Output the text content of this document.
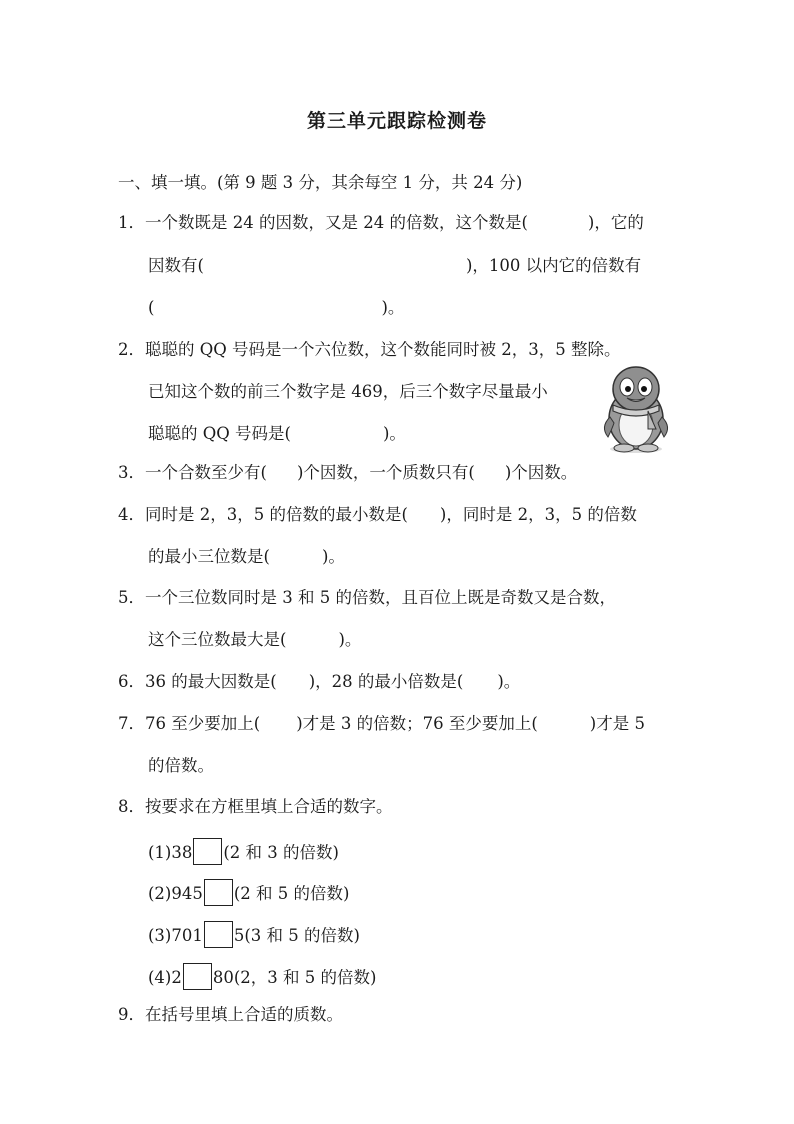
第三单元跟踪检测卷
一、填一填。(第 9 题 3 分，其余每空 1 分，共 24 分)
1．一个数既是 24 的因数，又是 24 的倍数，这个数是(	)，它的
因数有(	)，100 以内它的倍数有
(	)。
2．聪聪的 QQ 号码是一个六位数，这个数能同时被 2，3，5 整除。
已知这个数的前三个数字是 469，后三个数字尽量最小
聪聪的 QQ 号码是(	)。
3．一个合数至少有( )个因数，一个质数只有( )个因数。
4．同时是 2，3，5 的倍数的最小数是( )，同时是 2，3，5 的倍数
的最小三位数是(	)。
5．一个三位数同时是 3 和 5 的倍数，且百位上既是奇数又是合数，
这个三位数最大是(	)。
6．36 的最大因数是( )，28 的最小倍数是( )。
7．76 至少要加上( )才是 3 的倍数；76 至少要加上(	)才是 5
的倍数。
8．按要求在方框里填上合适的数字。
(1)38 (2 和 3 的倍数)
(2)945 (2 和 5 的倍数)
(3)701 5(3 和 5 的倍数)
(4)2 80(2，3 和 5 的倍数)
9．在括号里填上合适的质数。
